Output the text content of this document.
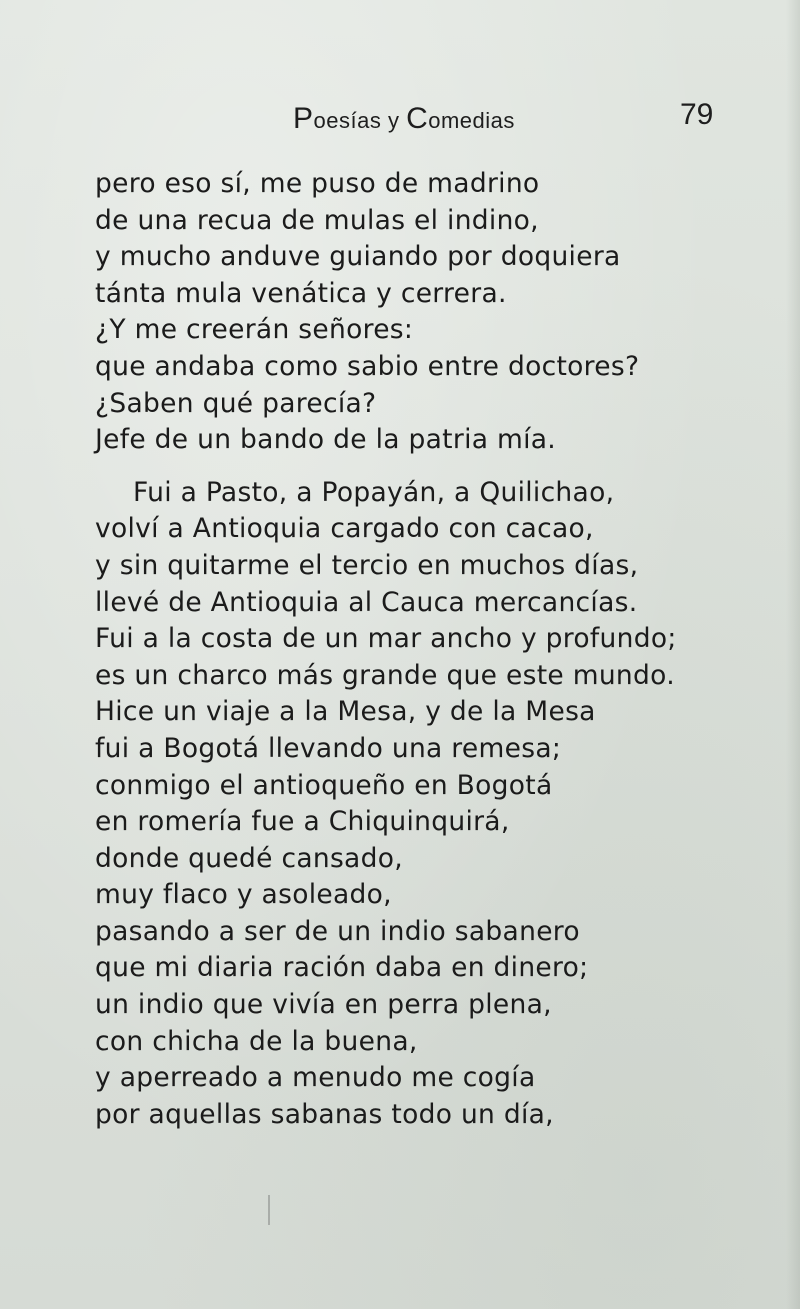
Poesías y Comedias	79
pero eso sí, me puso de madrino
de una recua de mulas el indino,
y mucho anduve guiando por doquiera
tánta mula venática y cerrera.
¿Y me creerán señores:
que andaba como sabio entre doctores?
¿Saben qué parecía?
Jefe de un bando de la patria mía.
Fui a Pasto, a Popayán, a Quilichao,
volví a Antioquia cargado con cacao,
y sin quitarme el tercio en muchos días,
llevé de Antioquia al Cauca mercancías.
Fui a la costa de un mar ancho y profundo;
es un charco más grande que este mundo.
Hice un viaje a la Mesa, y de la Mesa
fui a Bogotá llevando una remesa;
conmigo el antioqueño en Bogotá
en romería fue a Chiquinquirá,
donde quedé cansado,
muy flaco y asoleado,
pasando a ser de un indio sabanero
que mi diaria ración daba en dinero;
un indio que vivía en perra plena,
con chicha de la buena,
y aperreado a menudo me cogía
por aquellas sabanas todo un día,
